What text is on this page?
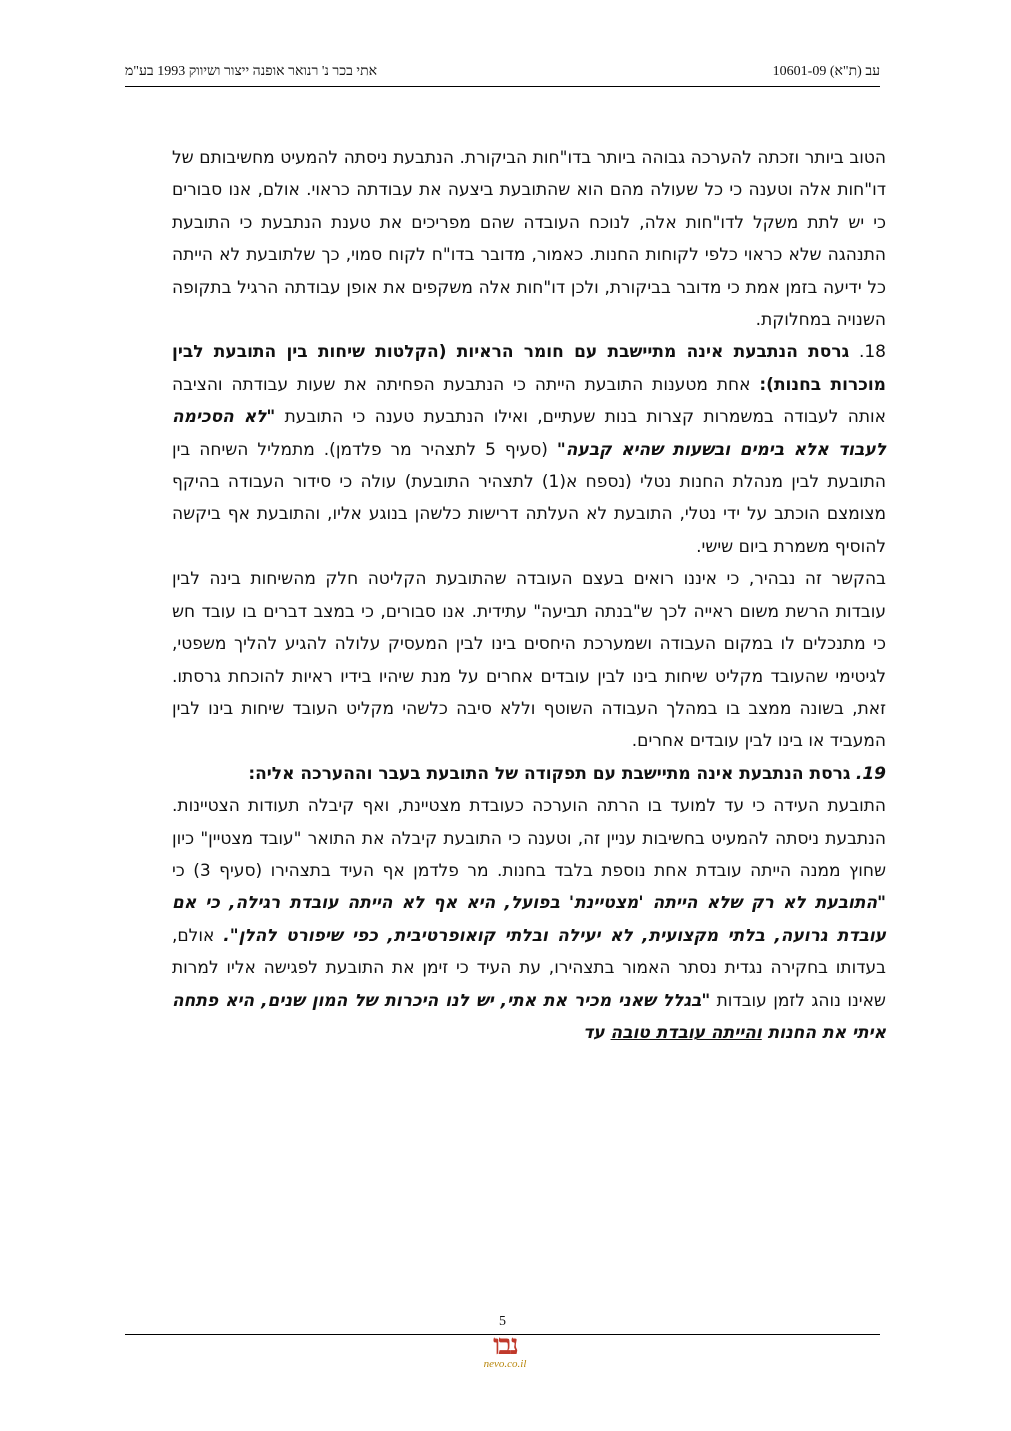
עב (ת"א) 10601-09
אתי בכר נ' רנואר אופנה ייצור ושיווק 1993 בע"מ

הטוב ביותר וזכתה להערכה גבוהה ביותר בדו"חות הביקורת. הנתבעת ניסתה להמעיט מחשיבותם של דו"חות אלה וטענה כי כל שעולה מהם הוא שהתובעת ביצעה את עבודתה כראוי. אולם, אנו סבורים כי יש לתת משקל לדו"חות אלה, לנוכח העובדה שהם מפריכים את טענת הנתבעת כי התובעת התנהגה שלא כראוי כלפי לקוחות החנות. כאמור, מדובר בדו"ח לקוח סמוי, כך שלתובעת לא הייתה כל ידיעה בזמן אמת כי מדובר בביקורת, ולכן דו"חות אלה משקפים את אופן עבודתה הרגיל בתקופה השנויה במחלוקת.

18. גרסת הנתבעת אינה מתיישבת עם חומר הראיות (הקלטות שיחות בין התובעת לבין מוכרות בחנות): אחת מטענות התובעת הייתה כי הנתבעת הפחיתה את שעות עבודתה והציבה אותה לעבודה במשמרות קצרות בנות שעתיים, ואילו הנתבעת טענה כי התובעת "לא הסכימה לעבוד אלא בימים ובשעות שהיא קבעה" (סעיף 5 לתצהיר מר פלדמן). מתמליל השיחה בין התובעת לבין מנהלת החנות נטלי (נספח א(1) לתצהיר התובעת) עולה כי סידור העבודה בהיקף מצומצם הוכתב על ידי נטלי, התובעת לא העלתה דרישות כלשהן בנוגע אליו, והתובעת אף ביקשה להוסיף משמרת ביום שישי.

בהקשר זה נבהיר, כי איננו רואים בעצם העובדה שהתובעת הקליטה חלק מהשיחות בינה לבין עובדות הרשת משום ראייה לכך ש"בנתה תביעה" עתידית. אנו סבורים, כי במצב דברים בו עובד חש כי מתנכלים לו במקום העבודה ושמערכת היחסים בינו לבין המעסיק עלולה להגיע להליך משפטי, לגיטימי שהעובד מקליט שיחות בינו לבין עובדים אחרים על מנת שיהיו בידיו ראיות להוכחת גרסתו. זאת, בשונה ממצב בו במהלך העבודה השוטף וללא סיבה כלשהי מקליט העובד שיחות בינו לבין המעביד או בינו לבין עובדים אחרים.

19. גרסת הנתבעת אינה מתיישבת עם תפקודה של התובעת בעבר וההערכה אליה:

התובעת העידה כי עד למועד בו הרתה הוערכה כעובדת מצטיינת, ואף קיבלה תעודות הצטיינות. הנתבעת ניסתה להמעיט בחשיבות עניין זה, וטענה כי התובעת קיבלה את התואר "עובד מצטיין" כיון שחוץ ממנה הייתה עובדת אחת נוספת בלבד בחנות. מר פלדמן אף העיד בתצהירו (סעיף 3) כי "התובעת לא רק שלא הייתה 'מצטיינת' בפועל, היא אף לא הייתה עובדת רגילה, כי אם עובדת גרועה, בלתי מקצועית, לא יעילה ובלתי קואופרטיבית, כפי שיפורט להלן". אולם, בעדותו בחקירה נגדית נסתר האמור בתצהירו, עת העיד כי זימן את התובעת לפגישה אליו למרות שאינו נוהג לזמן עובדות "בגלל שאני מכיר את אתי, יש לנו היכרות של המון שנים, היא פתחה איתי את החנות והייתה עובדת טובה עד

5
נבו
nevo.co.il
